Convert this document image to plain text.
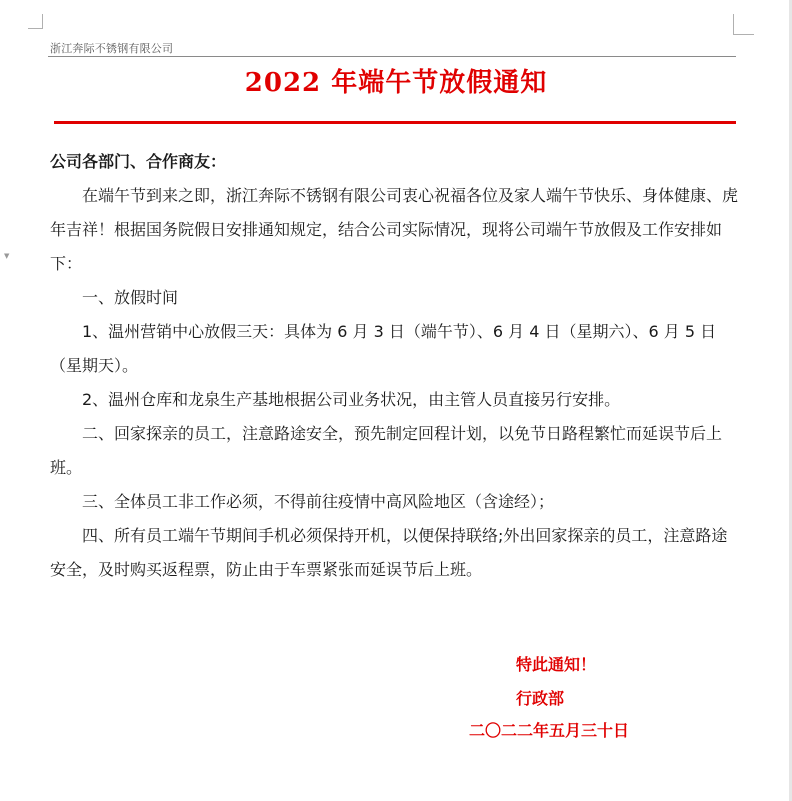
▼
浙江奔际不锈钢有限公司
2022 年端午节放假通知

公司各部门、合作商友：

在端午节到来之即，浙江奔际不锈钢有限公司衷心祝福各位及家人端午节快乐、身体健康、虎年吉祥！根据国务院假日安排通知规定，结合公司实际情况，现将公司端午节放假及工作安排如下：

一、放假时间

1、温州营销中心放假三天：具体为 6 月 3 日（端午节）、6 月 4 日（星期六）、6 月 5 日（星期天）。

2、温州仓库和龙泉生产基地根据公司业务状况，由主管人员直接另行安排。

二、回家探亲的员工，注意路途安全，预先制定回程计划，以免节日路程繁忙而延误节后上班。

三、全体员工非工作必须，不得前往疫情中高风险地区（含途经）；

四、所有员工端午节期间手机必须保持开机，以便保持联络;外出回家探亲的员工，注意路途安全，及时购买返程票，防止由于车票紧张而延误节后上班。

特此通知！
行政部
二〇二二年五月三十日
